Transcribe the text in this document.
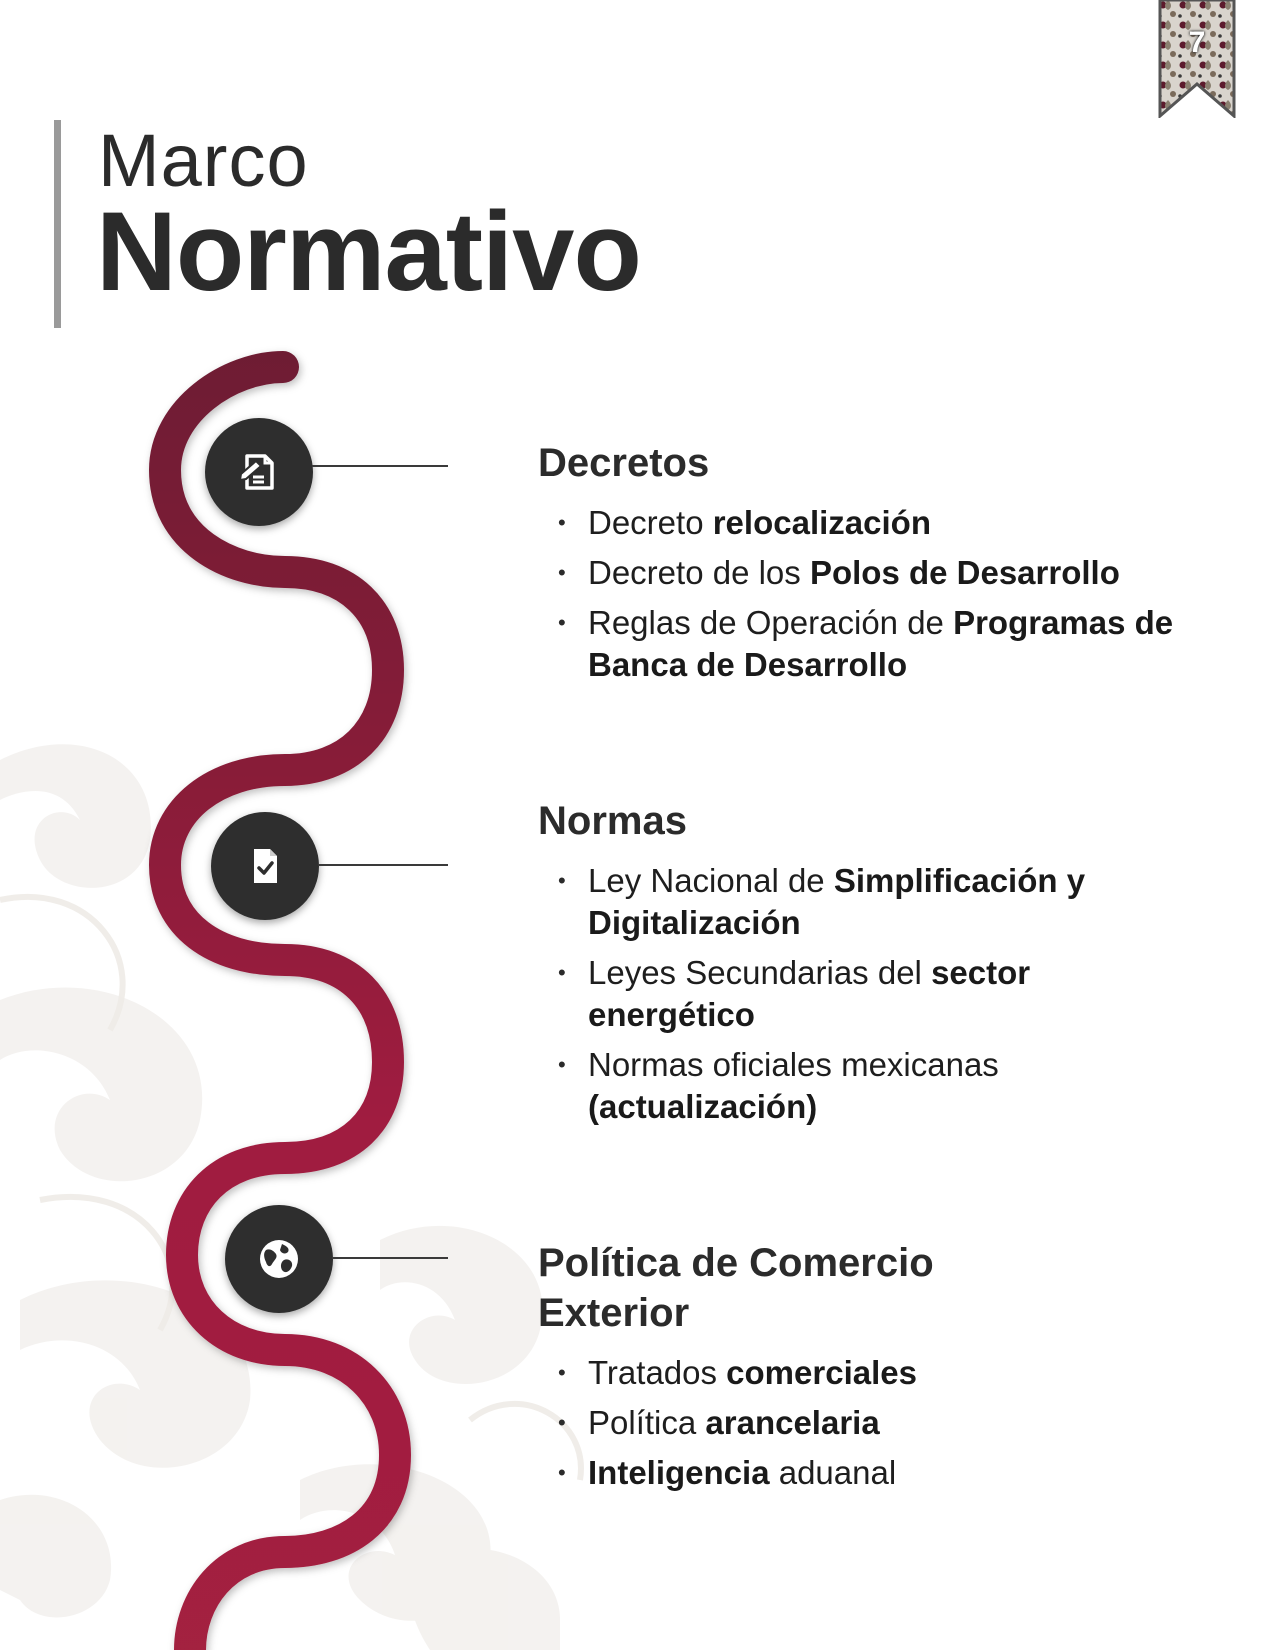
7
Marco
Normativo
Decretos
• Decreto relocalización
• Decreto de los Polos de Desarrollo
• Reglas de Operación de Programas de Banca de Desarrollo
Normas
• Ley Nacional de Simplificación y Digitalización
• Leyes Secundarias del sector energético
• Normas oficiales mexicanas (actualización)
Política de Comercio Exterior
• Tratados comerciales
• Política arancelaria
• Inteligencia aduanal
